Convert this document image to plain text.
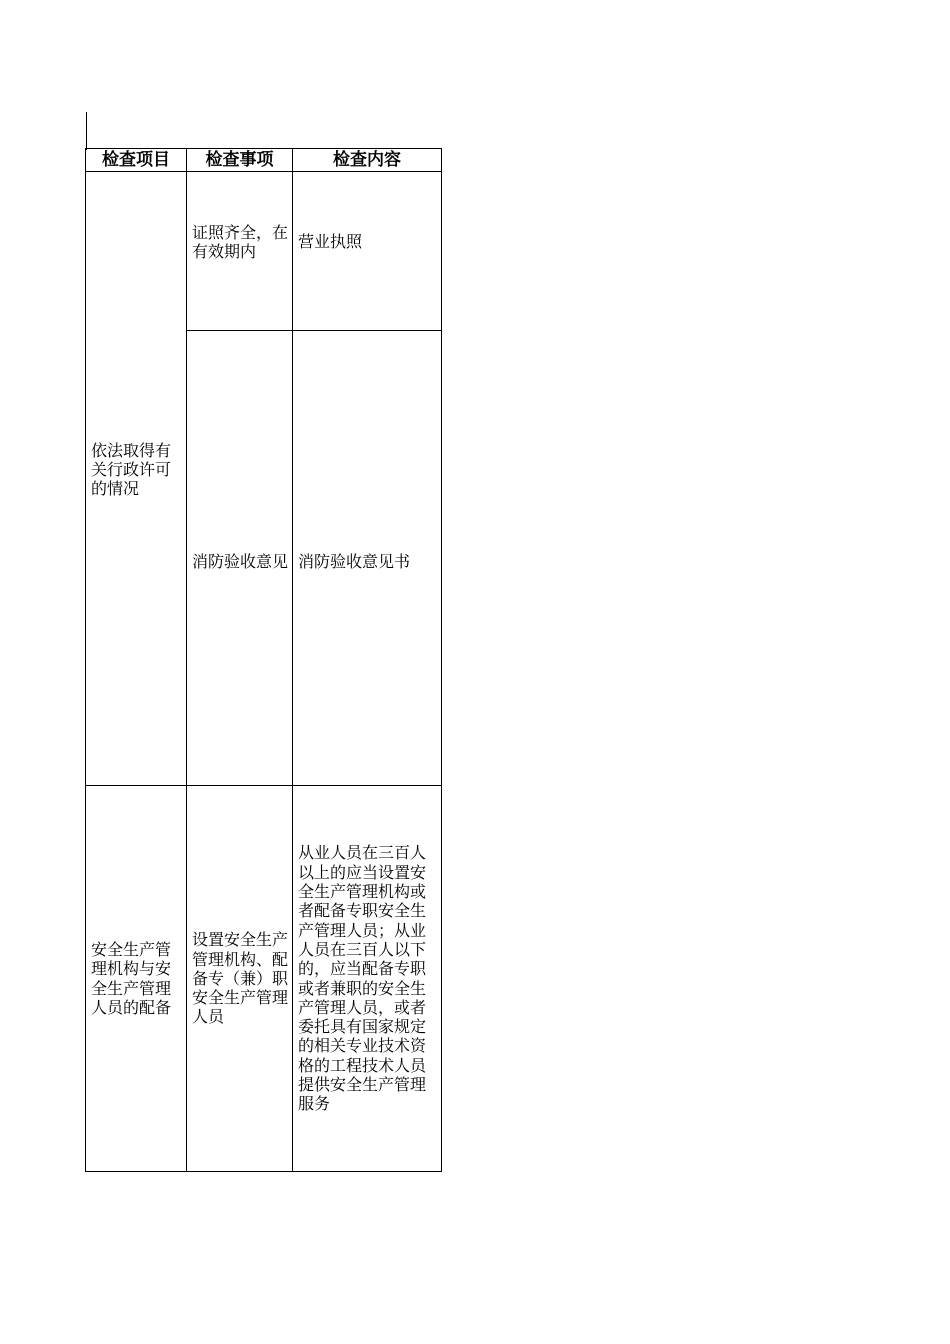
检查项目	检查事项	检查内容

依法取得有关行政许可的情况	证照齐全，在有效期内	营业执照

	消防验收意见	消防验收意见书

安全生产管理机构与安全生产管理人员的配备	设置安全生产管理机构、配备专（兼）职安全生产管理人员	从业人员在三百人以上的应当设置安全生产管理机构或者配备专职安全生产管理人员；从业人员在三百人以下的，应当配备专职或者兼职的安全生产管理人员，或者委托具有国家规定的相关专业技术资格的工程技术人员提供安全生产管理服务
